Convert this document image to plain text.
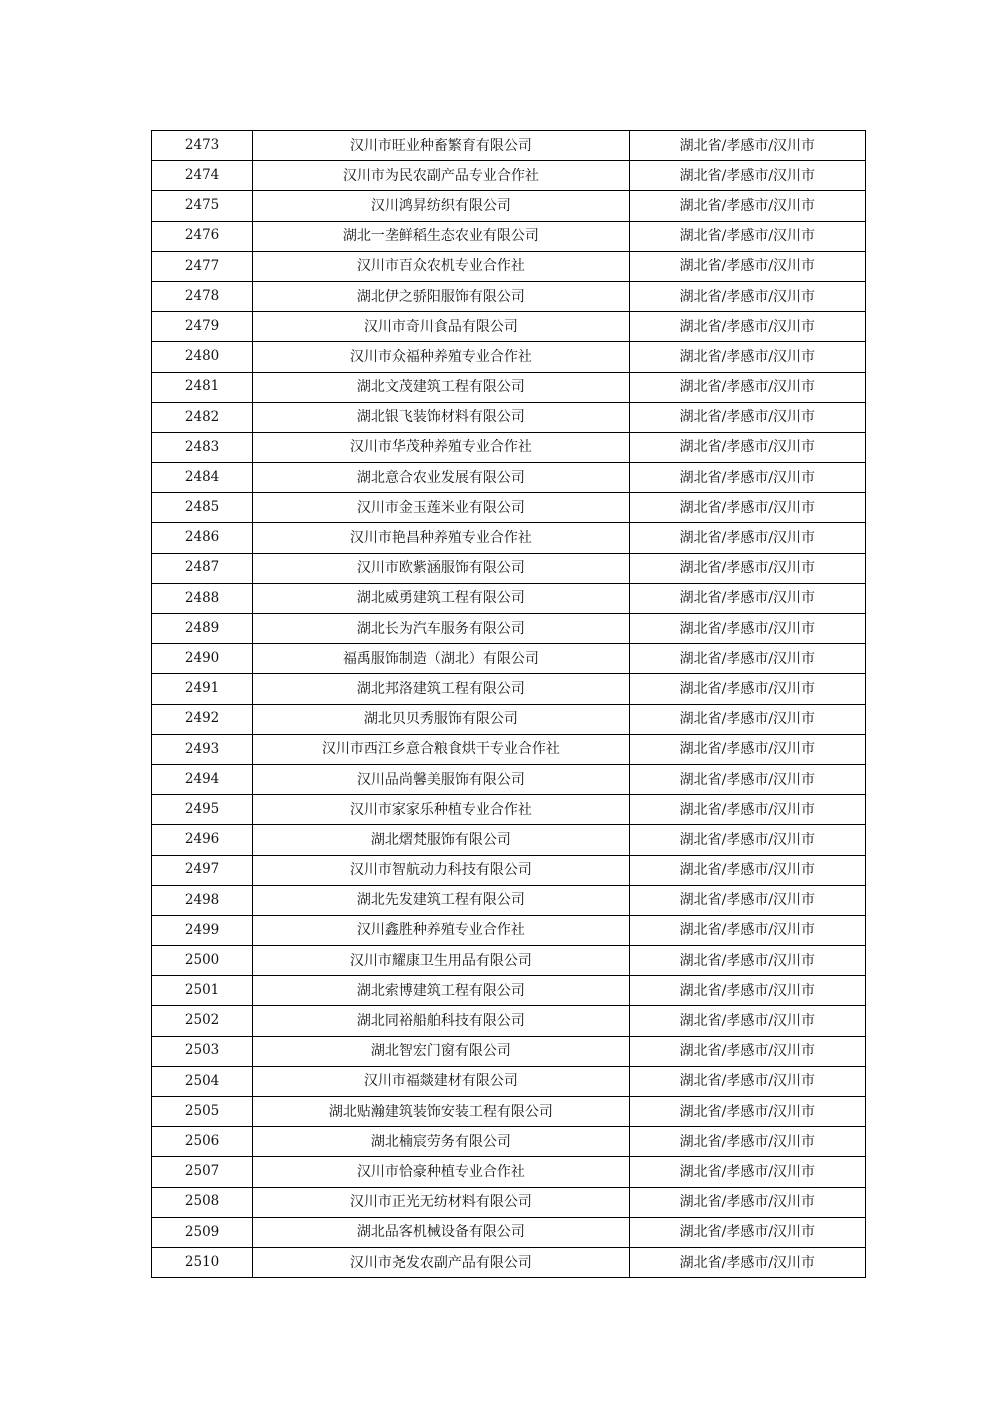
2473	汉川市旺业种畜繁育有限公司	湖北省/孝感市/汉川市
2474	汉川市为民农副产品专业合作社	湖北省/孝感市/汉川市
2475	汉川鸿昇纺织有限公司	湖北省/孝感市/汉川市
2476	湖北一垄鲜稻生态农业有限公司	湖北省/孝感市/汉川市
2477	汉川市百众农机专业合作社	湖北省/孝感市/汉川市
2478	湖北伊之骄阳服饰有限公司	湖北省/孝感市/汉川市
2479	汉川市奇川食品有限公司	湖北省/孝感市/汉川市
2480	汉川市众福种养殖专业合作社	湖北省/孝感市/汉川市
2481	湖北文茂建筑工程有限公司	湖北省/孝感市/汉川市
2482	湖北银飞装饰材料有限公司	湖北省/孝感市/汉川市
2483	汉川市华茂种养殖专业合作社	湖北省/孝感市/汉川市
2484	湖北意合农业发展有限公司	湖北省/孝感市/汉川市
2485	汉川市金玉莲米业有限公司	湖北省/孝感市/汉川市
2486	汉川市艳昌种养殖专业合作社	湖北省/孝感市/汉川市
2487	汉川市欧紫涵服饰有限公司	湖北省/孝感市/汉川市
2488	湖北威勇建筑工程有限公司	湖北省/孝感市/汉川市
2489	湖北长为汽车服务有限公司	湖北省/孝感市/汉川市
2490	福禹服饰制造（湖北）有限公司	湖北省/孝感市/汉川市
2491	湖北邦洛建筑工程有限公司	湖北省/孝感市/汉川市
2492	湖北贝贝秀服饰有限公司	湖北省/孝感市/汉川市
2493	汉川市西江乡意合粮食烘干专业合作社	湖北省/孝感市/汉川市
2494	汉川品尚馨美服饰有限公司	湖北省/孝感市/汉川市
2495	汉川市家家乐种植专业合作社	湖北省/孝感市/汉川市
2496	湖北熠梵服饰有限公司	湖北省/孝感市/汉川市
2497	汉川市智航动力科技有限公司	湖北省/孝感市/汉川市
2498	湖北先发建筑工程有限公司	湖北省/孝感市/汉川市
2499	汉川鑫胜种养殖专业合作社	湖北省/孝感市/汉川市
2500	汉川市耀康卫生用品有限公司	湖北省/孝感市/汉川市
2501	湖北索博建筑工程有限公司	湖北省/孝感市/汉川市
2502	湖北同裕船舶科技有限公司	湖北省/孝感市/汉川市
2503	湖北智宏门窗有限公司	湖北省/孝感市/汉川市
2504	汉川市福燚建材有限公司	湖北省/孝感市/汉川市
2505	湖北贴瀚建筑装饰安装工程有限公司	湖北省/孝感市/汉川市
2506	湖北楠宸劳务有限公司	湖北省/孝感市/汉川市
2507	汉川市恰豪种植专业合作社	湖北省/孝感市/汉川市
2508	汉川市正光无纺材料有限公司	湖北省/孝感市/汉川市
2509	湖北品客机械设备有限公司	湖北省/孝感市/汉川市
2510	汉川市尧发农副产品有限公司	湖北省/孝感市/汉川市
